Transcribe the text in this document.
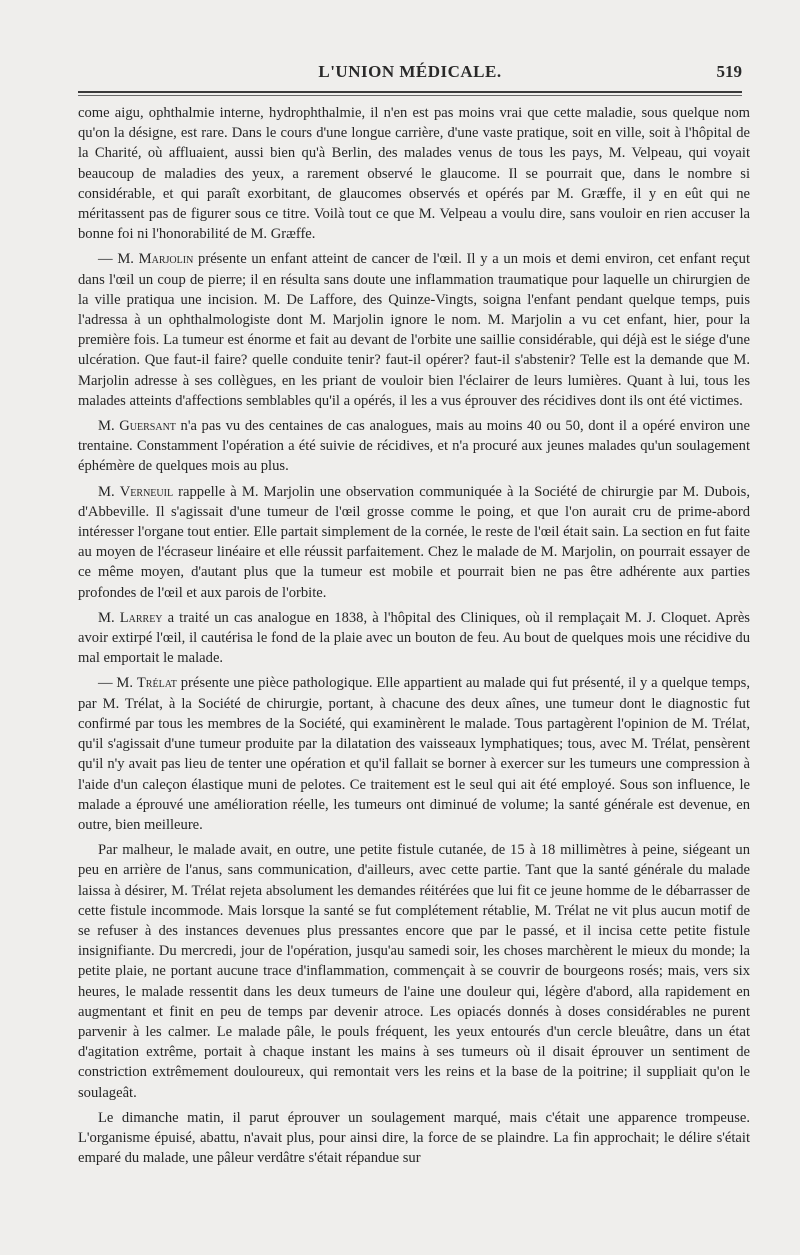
L'UNION MÉDICALE.	519

come aigu, ophthalmie interne, hydrophthalmie, il n'en est pas moins vrai que cette maladie, sous quelque nom qu'on la désigne, est rare. Dans le cours d'une longue carrière, d'une vaste pratique, soit en ville, soit à l'hôpital de la Charité, où affluaient, aussi bien qu'à Berlin, des malades venus de tous les pays, M. Velpeau, qui voyait beaucoup de maladies des yeux, a rarement observé le glaucome. Il se pourrait que, dans le nombre si considérable, et qui paraît exorbitant, de glaucomes observés et opérés par M. Græffe, il y en eût qui ne méritassent pas de figurer sous ce titre. Voilà tout ce que M. Velpeau a voulu dire, sans vouloir en rien accuser la bonne foi ni l'honorabilité de M. Græffe.

— M. Marjolin présente un enfant atteint de cancer de l'œil. Il y a un mois et demi environ, cet enfant reçut dans l'œil un coup de pierre; il en résulta sans doute une inflammation traumatique pour laquelle un chirurgien de la ville pratiqua une incision. M. De Laffore, des Quinze-Vingts, soigna l'enfant pendant quelque temps, puis l'adressa à un ophthalmologiste dont M. Marjolin ignore le nom. M. Marjolin a vu cet enfant, hier, pour la première fois. La tumeur est énorme et fait au devant de l'orbite une saillie considérable, qui déjà est le siége d'une ulcération. Que faut-il faire? quelle conduite tenir? faut-il opérer? faut-il s'abstenir? Telle est la demande que M. Marjolin adresse à ses collègues, en les priant de vouloir bien l'éclairer de leurs lumières. Quant à lui, tous les malades atteints d'affections semblables qu'il a opérés, il les a vus éprouver des récidives dont ils ont été victimes.

M. Guersant n'a pas vu des centaines de cas analogues, mais au moins 40 ou 50, dont il a opéré environ une trentaine. Constamment l'opération a été suivie de récidives, et n'a procuré aux jeunes malades qu'un soulagement éphémère de quelques mois au plus.

M. Verneuil rappelle à M. Marjolin une observation communiquée à la Société de chirurgie par M. Dubois, d'Abbeville. Il s'agissait d'une tumeur de l'œil grosse comme le poing, et que l'on aurait cru de prime-abord intéresser l'organe tout entier. Elle partait simplement de la cornée, le reste de l'œil était sain. La section en fut faite au moyen de l'écraseur linéaire et elle réussit parfaitement. Chez le malade de M. Marjolin, on pourrait essayer de ce même moyen, d'autant plus que la tumeur est mobile et pourrait bien ne pas être adhérente aux parties profondes de l'œil et aux parois de l'orbite.

M. Larrey a traité un cas analogue en 1838, à l'hôpital des Cliniques, où il remplaçait M. J. Cloquet. Après avoir extirpé l'œil, il cautérisa le fond de la plaie avec un bouton de feu. Au bout de quelques mois une récidive du mal emportait le malade.

— M. Trélat présente une pièce pathologique. Elle appartient au malade qui fut présenté, il y a quelque temps, par M. Trélat, à la Société de chirurgie, portant, à chacune des deux aînes, une tumeur dont le diagnostic fut confirmé par tous les membres de la Société, qui examinèrent le malade. Tous partagèrent l'opinion de M. Trélat, qu'il s'agissait d'une tumeur produite par la dilatation des vaisseaux lymphatiques; tous, avec M. Trélat, pensèrent qu'il n'y avait pas lieu de tenter une opération et qu'il fallait se borner à exercer sur les tumeurs une compression à l'aide d'un caleçon élastique muni de pelotes. Ce traitement est le seul qui ait été employé. Sous son influence, le malade a éprouvé une amélioration réelle, les tumeurs ont diminué de volume; la santé générale est devenue, en outre, bien meilleure.

Par malheur, le malade avait, en outre, une petite fistule cutanée, de 15 à 18 millimètres à peine, siégeant un peu en arrière de l'anus, sans communication, d'ailleurs, avec cette partie. Tant que la santé générale du malade laissa à désirer, M. Trélat rejeta absolument les demandes réitérées que lui fit ce jeune homme de le débarrasser de cette fistule incommode. Mais lorsque la santé se fut complétement rétablie, M. Trélat ne vit plus aucun motif de se refuser à des instances devenues plus pressantes encore que par le passé, et il incisa cette petite fistule insignifiante. Du mercredi, jour de l'opération, jusqu'au samedi soir, les choses marchèrent le mieux du monde; la petite plaie, ne portant aucune trace d'inflammation, commençait à se couvrir de bourgeons rosés; mais, vers six heures, le malade ressentit dans les deux tumeurs de l'aine une douleur qui, légère d'abord, alla rapidement en augmentant et finit en peu de temps par devenir atroce. Les opiacés donnés à doses considérables ne purent parvenir à les calmer. Le malade pâle, le pouls fréquent, les yeux entourés d'un cercle bleuâtre, dans un état d'agitation extrême, portait à chaque instant les mains à ses tumeurs où il disait éprouver un sentiment de constriction extrêmement douloureux, qui remontait vers les reins et la base de la poitrine; il suppliait qu'on le soulageât.

Le dimanche matin, il parut éprouver un soulagement marqué, mais c'était une apparence trompeuse. L'organisme épuisé, abattu, n'avait plus, pour ainsi dire, la force de se plaindre. La fin approchait; le délire s'était emparé du malade, une pâleur verdâtre s'était répandue sur
